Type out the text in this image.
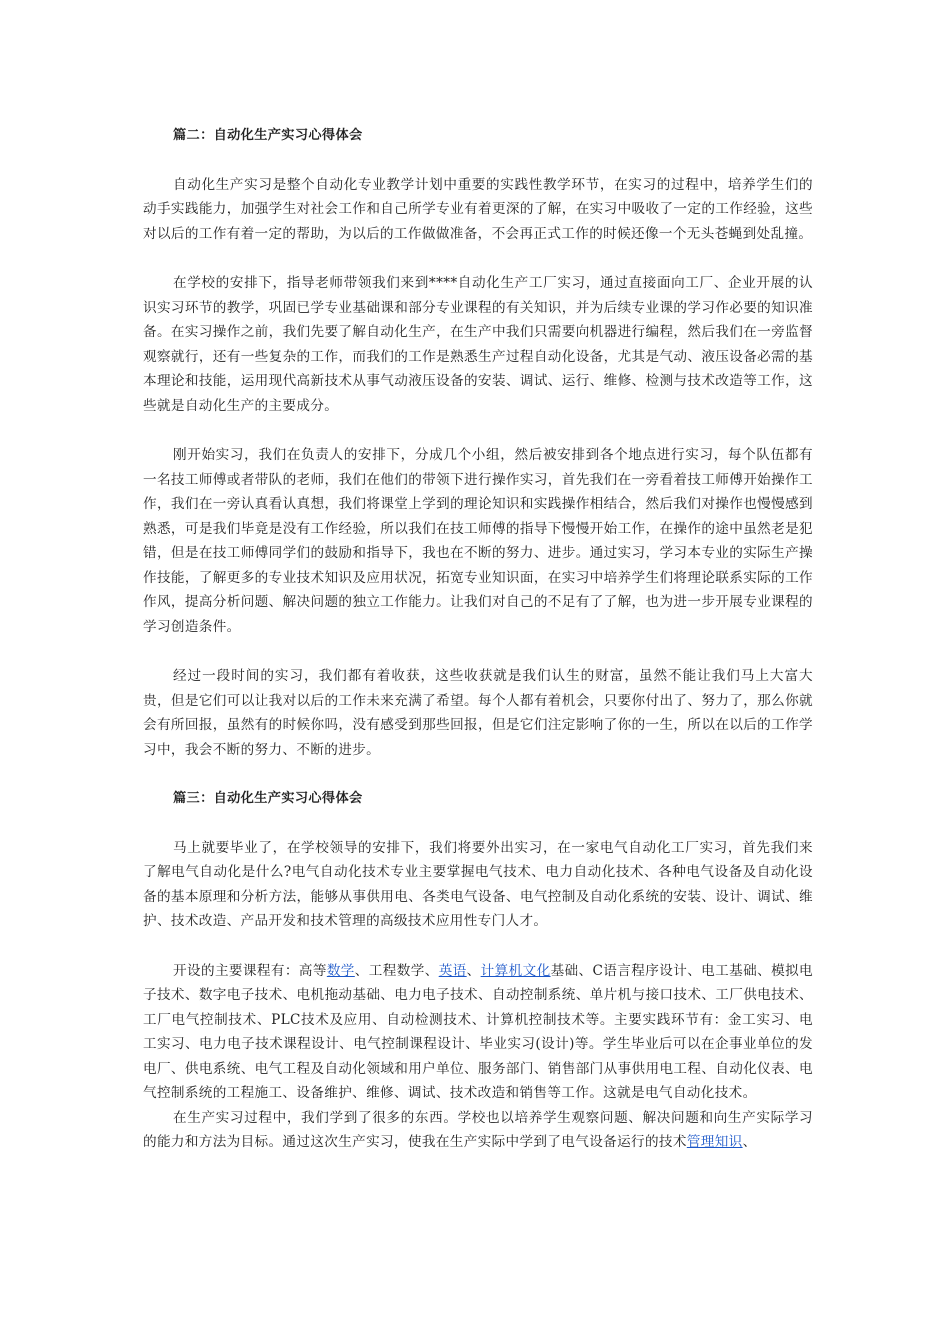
篇二：自动化生产实习心得体会

自动化生产实习是整个自动化专业教学计划中重要的实践性教学环节，在实习的过程中，培养学生们的动手实践能力，加强学生对社会工作和自己所学专业有着更深的了解，在实习中吸收了一定的工作经验，这些对以后的工作有着一定的帮助，为以后的工作做做准备，不会再正式工作的时候还像一个无头苍蝇到处乱撞。

在学校的安排下，指导老师带领我们来到****自动化生产工厂实习，通过直接面向工厂、企业开展的认识实习环节的教学，巩固已学专业基础课和部分专业课程的有关知识，并为后续专业课的学习作必要的知识准备。在实习操作之前，我们先要了解自动化生产，在生产中我们只需要向机器进行编程，然后我们在一旁监督观察就行，还有一些复杂的工作，而我们的工作是熟悉生产过程自动化设备，尤其是气动、液压设备必需的基本理论和技能，运用现代高新技术从事气动液压设备的安装、调试、运行、维修、检测与技术改造等工作，这些就是自动化生产的主要成分。

刚开始实习，我们在负责人的安排下，分成几个小组，然后被安排到各个地点进行实习，每个队伍都有一名技工师傅或者带队的老师，我们在他们的带领下进行操作实习，首先我们在一旁看着技工师傅开始操作工作，我们在一旁认真看认真想，我们将课堂上学到的理论知识和实践操作相结合，然后我们对操作也慢慢感到熟悉，可是我们毕竟是没有工作经验，所以我们在技工师傅的指导下慢慢开始工作，在操作的途中虽然老是犯错，但是在技工师傅同学们的鼓励和指导下，我也在不断的努力、进步。通过实习，学习本专业的实际生产操作技能，了解更多的专业技术知识及应用状况，拓宽专业知识面，在实习中培养学生们将理论联系实际的工作作风，提高分析问题、解决问题的独立工作能力。让我们对自己的不足有了了解，也为进一步开展专业课程的学习创造条件。

经过一段时间的实习，我们都有着收获，这些收获就是我们认生的财富，虽然不能让我们马上大富大贵，但是它们可以让我对以后的工作未来充满了希望。每个人都有着机会，只要你付出了、努力了，那么你就会有所回报，虽然有的时候你吗，没有感受到那些回报，但是它们注定影响了你的一生，所以在以后的工作学习中，我会不断的努力、不断的进步。

篇三：自动化生产实习心得体会

马上就要毕业了，在学校领导的安排下，我们将要外出实习，在一家电气自动化工厂实习，首先我们来了解电气自动化是什么?电气自动化技术专业主要掌握电气技术、电力自动化技术、各种电气设备及自动化设备的基本原理和分析方法，能够从事供用电、各类电气设备、电气控制及自动化系统的安装、设计、调试、维护、技术改造、产品开发和技术管理的高级技术应用性专门人才。

开设的主要课程有：高等数学、工程数学、英语、计算机文化基础、C语言程序设计、电工基础、模拟电子技术、数字电子技术、电机拖动基础、电力电子技术、自动控制系统、单片机与接口技术、工厂供电技术、工厂电气控制技术、PLC技术及应用、自动检测技术、计算机控制技术等。主要实践环节有：金工实习、电工实习、电力电子技术课程设计、电气控制课程设计、毕业实习(设计)等。学生毕业后可以在企事业单位的发电厂、供电系统、电气工程及自动化领域和用户单位、服务部门、销售部门从事供用电工程、自动化仪表、电气控制系统的工程施工、设备维护、维修、调试、技术改造和销售等工作。这就是电气自动化技术。

在生产实习过程中，我们学到了很多的东西。学校也以培养学生观察问题、解决问题和向生产实际学习的能力和方法为目标。通过这次生产实习，使我在生产实际中学到了电气设备运行的技术管理知识、
